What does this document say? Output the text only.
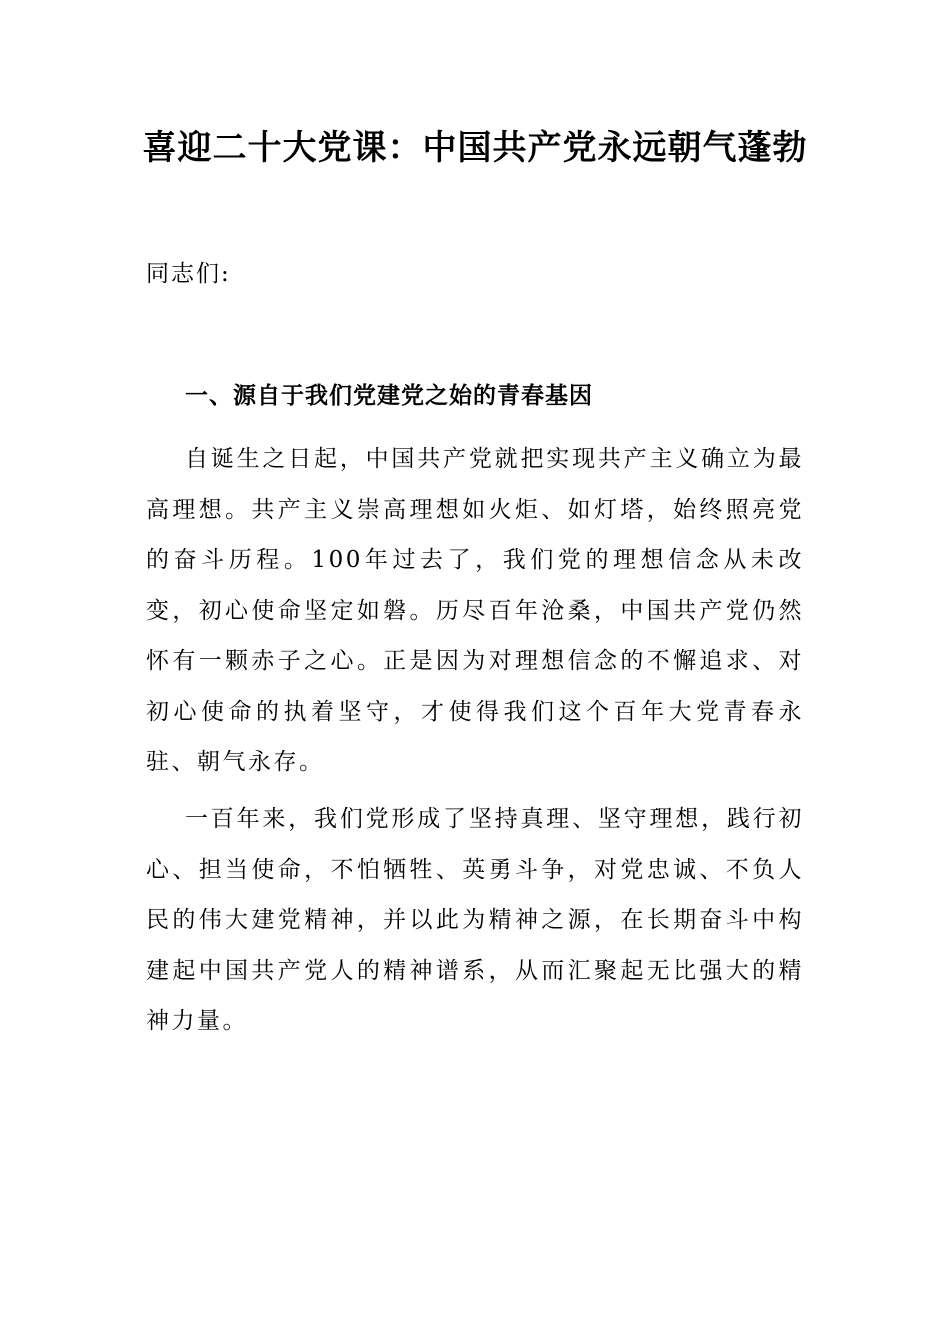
喜迎二十大党课：中国共产党永远朝气蓬勃

同志们:

一、源自于我们党建党之始的青春基因

自诞生之日起，中国共产党就把实现共产主义确立为最高理想。共产主义崇高理想如火炬、如灯塔，始终照亮党的奋斗历程。100年过去了，我们党的理想信念从未改变，初心使命坚定如磐。历尽百年沧桑，中国共产党仍然怀有一颗赤子之心。正是因为对理想信念的不懈追求、对初心使命的执着坚守，才使得我们这个百年大党青春永驻、朝气永存。

一百年来，我们党形成了坚持真理、坚守理想，践行初心、担当使命，不怕牺牲、英勇斗争，对党忠诚、不负人民的伟大建党精神，并以此为精神之源，在长期奋斗中构建起中国共产党人的精神谱系，从而汇聚起无比强大的精神力量。
